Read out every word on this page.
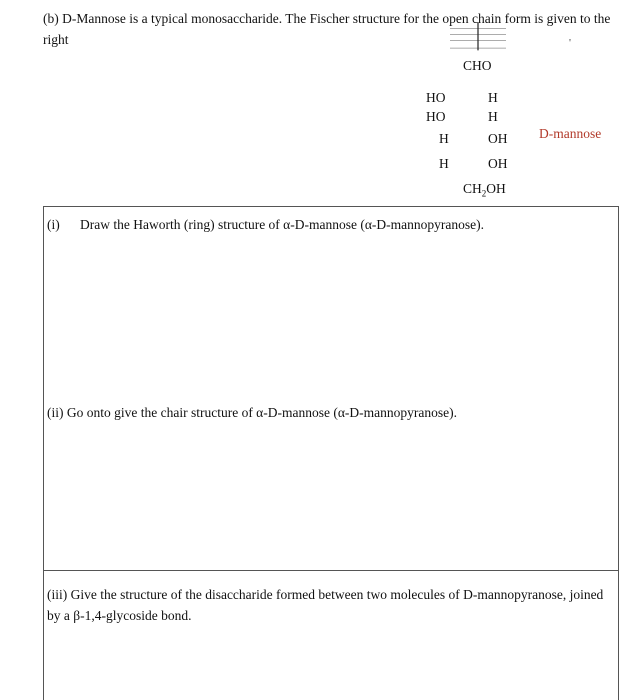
(b) D-Mannose is a typical monosaccharide. The Fischer structure for the open chain form is given to the right	'
CHO
HO	H
HO	H
H	OH
H	OH
$CH_2OH$
D-mannose
(i) Draw the Haworth (ring) structure of α-D-mannose (α-D-mannopyranose).
(ii) Go onto give the chair structure of α-D-mannose (α-D-mannopyranose).
(iii) Give the structure of the disaccharide formed between two molecules of D-mannopyranose, joined by a β-1,4-glycoside bond.
